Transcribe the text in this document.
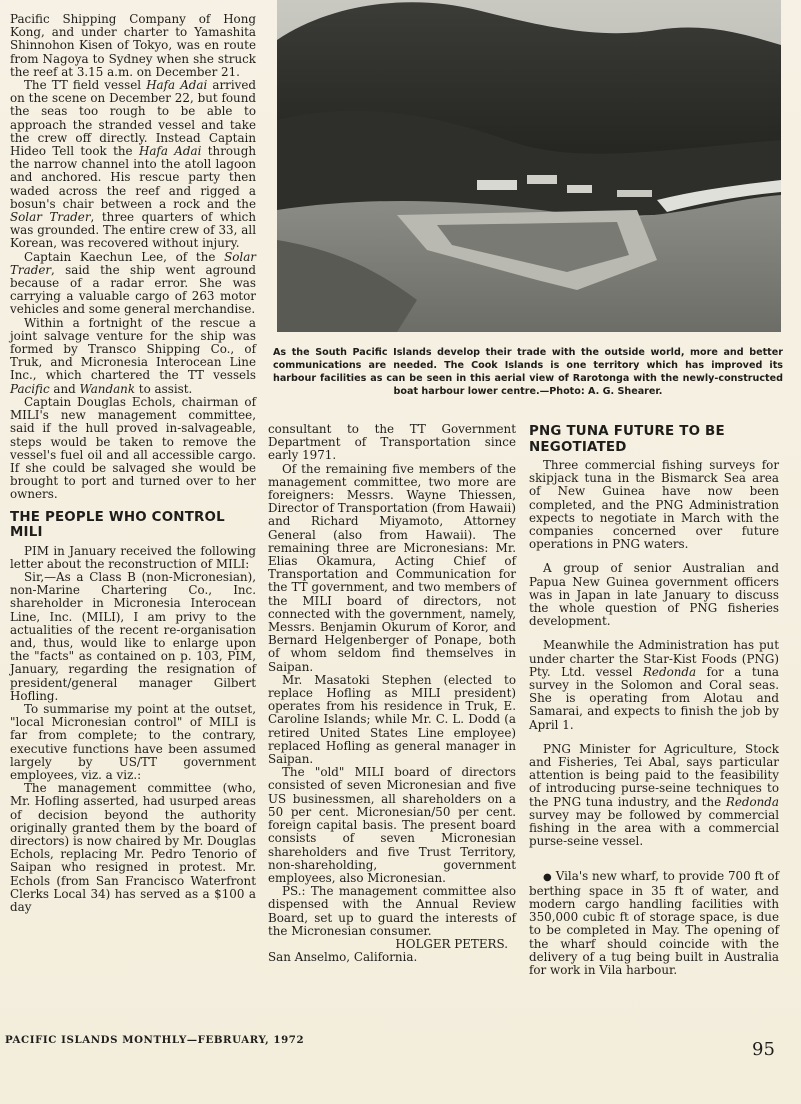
Pacific Shipping Company of Hong Kong, and under charter to Yamashita Shinnohon Kisen of Tokyo, was en route from Nagoya to Sydney when she struck the reef at 3.15 a.m. on December 21.

The TT field vessel Hafa Adai arrived on the scene on December 22, but found the seas too rough to be able to approach the stranded vessel and take the crew off directly. Instead Captain Hideo Tell took the Hafa Adai through the narrow channel into the atoll lagoon and anchored. His rescue party then waded across the reef and rigged a bosun's chair between a rock and the Solar Trader, three quarters of which was grounded. The entire crew of 33, all Korean, was recovered without injury.

Captain Kaechun Lee, of the Solar Trader, said the ship went aground because of a radar error. She was carrying a valuable cargo of 263 motor vehicles and some general merchandise.

Within a fortnight of the rescue a joint salvage venture for the ship was formed by Transco Shipping Co., of Truk, and Micronesia Interocean Line Inc., which chartered the TT vessels Pacific and Wandank to assist.

Captain Douglas Echols, chairman of MILI's new management committee, said if the hull proved in-salvageable, steps would be taken to remove the vessel's fuel oil and all accessible cargo. If she could be salvaged she would be brought to port and turned over to her owners.

THE PEOPLE WHO CONTROL MILI

PIM in January received the following letter about the reconstruction of MILI:

Sir,—As a Class B (non-Micronesian), non-Marine Chartering Co., Inc. shareholder in Micronesia Interocean Line, Inc. (MILI), I am privy to the actualities of the recent re-organisation and, thus, would like to enlarge upon the "facts" as contained on p. 103, PIM, January, regarding the resignation of president/general manager Gilbert Hofling.

To summarise my point at the outset, "local Micronesian control" of MILI is far from complete; to the contrary, executive functions have been assumed largely by US/TT government employees, viz. a viz.:

The management committee (who, Mr. Hofling asserted, had usurped areas of decision beyond the authority originally granted them by the board of directors) is now chaired by Mr. Douglas Echols, replacing Mr. Pedro Tenorio of Saipan who resigned in protest. Mr. Echols (from San Francisco Waterfront Clerks Local 34) has served as a $100 a day

As the South Pacific Islands develop their trade with the outside world, more and better communications are needed. The Cook Islands is one territory which has improved its harbour facilities as can be seen in this aerial view of Rarotonga with the newly-constructed boat harbour lower centre.—Photo: A. G. Shearer.

consultant to the TT Government Department of Transportation since early 1971.

Of the remaining five members of the management committee, two more are foreigners: Messrs. Wayne Thiessen, Director of Transportation (from Hawaii) and Richard Miyamoto, Attorney General (also from Hawaii). The remaining three are Micronesians: Mr. Elias Okamura, Acting Chief of Transportation and Communication for the TT government, and two members of the MILI board of directors, not connected with the government, namely, Messrs. Benjamin Okurum of Koror, and Bernard Helgenberger of Ponape, both of whom seldom find themselves in Saipan.

Mr. Masatoki Stephen (elected to replace Hofling as MILI president) operates from his residence in Truk, E. Caroline Islands; while Mr. C. L. Dodd (a retired United States Line employee) replaced Hofling as general manager in Saipan.

The "old" MILI board of directors consisted of seven Micronesian and five US businessmen, all shareholders on a 50 per cent. Micronesian/50 per cent. foreign capital basis. The present board consists of seven Micronesian shareholders and five Trust Territory, non-shareholding, government employees, also Micronesian.

PS.: The management committee also dispensed with the Annual Review Board, set up to guard the interests of the Micronesian consumer.

HOLGER PETERS.

San Anselmo, California.

PNG TUNA FUTURE TO BE NEGOTIATED

Three commercial fishing surveys for skipjack tuna in the Bismarck Sea area of New Guinea have now been completed, and the PNG Administration expects to negotiate in March with the companies concerned over future operations in PNG waters.

A group of senior Australian and Papua New Guinea government officers was in Japan in late January to discuss the whole question of PNG fisheries development.

Meanwhile the Administration has put under charter the Star-Kist Foods (PNG) Pty. Ltd. vessel Redonda for a tuna survey in the Solomon and Coral seas. She is operating from Alotau and Samarai, and expects to finish the job by April 1.

PNG Minister for Agriculture, Stock and Fisheries, Tei Abal, says particular attention is being paid to the feasibility of introducing purse-seine techniques to the PNG tuna industry, and the Redonda survey may be followed by commercial fishing in the area with a commercial purse-seine vessel.

● Vila's new wharf, to provide 700 ft of berthing space in 35 ft of water, and modern cargo handling facilities with 350,000 cubic ft of storage space, is due to be completed in May. The opening of the wharf should coincide with the delivery of a tug being built in Australia for work in Vila harbour.

PACIFIC ISLANDS MONTHLY—FEBRUARY, 1972	95
